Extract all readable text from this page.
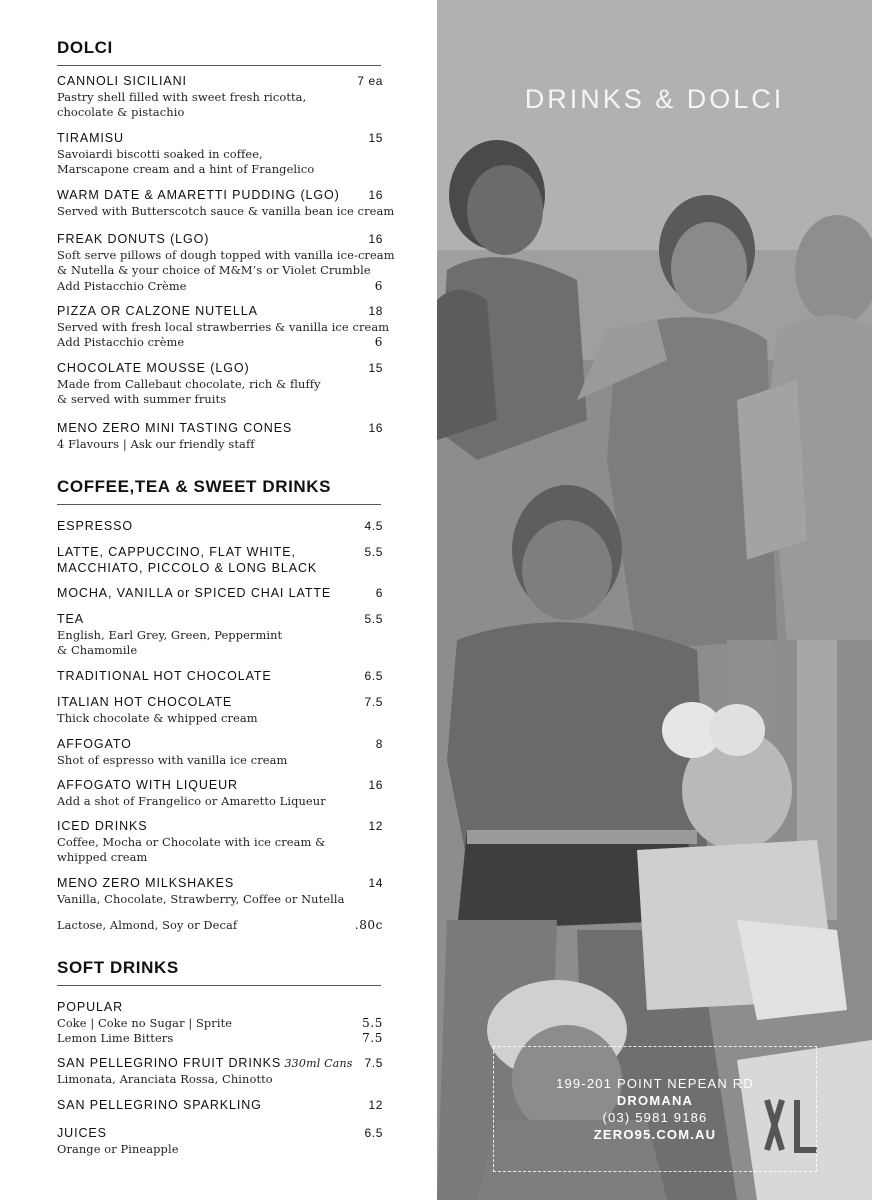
DOLCI
CANNOLI SICILIANI	7 ea
Pastry shell filled with sweet fresh ricotta,
chocolate & pistachio
TIRAMISU	15
Savoiardi biscotti soaked in coffee,
Marscapone cream and a hint of Frangelico
WARM DATE & AMARETTI PUDDING (LGO) 16
Served with Butterscotch sauce & vanilla bean ice cream
FREAK DONUTS (LGO)	16
Soft serve pillows of dough topped with vanilla ice-cream
& Nutella & your choice of M&M’s or Violet Crumble
Add Pistacchio Crème	6
PIZZA OR CALZONE NUTELLA	18
Served with fresh local strawberries & vanilla ice cream
Add Pistacchio crème	6
CHOCOLATE MOUSSE (LGO)	15
Made from Callebaut chocolate, rich & fluffy
& served with summer fruits
MENO ZERO MINI TASTING CONES	16
4 Flavours | Ask our friendly staff
COFFEE,TEA & SWEET DRINKS
ESPRESSO	4.5
LATTE, CAPPUCCINO, FLAT WHITE,	5.5
MACCHIATO, PICCOLO & LONG BLACK
MOCHA, VANILLA or SPICED CHAI LATTE	6
TEA	5.5
English, Earl Grey, Green, Peppermint
& Chamomile
TRADITIONAL HOT CHOCOLATE	6.5
ITALIAN HOT CHOCOLATE	7.5
Thick chocolate & whipped cream
AFFOGATO	8
Shot of espresso with vanilla ice cream
AFFOGATO WITH LIQUEUR	16
Add a shot of Frangelico or Amaretto Liqueur
ICED DRINKS	12
Coffee, Mocha or Chocolate with ice cream &
whipped cream
MENO ZERO MILKSHAKES	14
Vanilla, Chocolate, Strawberry, Coffee or Nutella
Lactose, Almond, Soy or Decaf	.80c
SOFT DRINKS
POPULAR
Coke | Coke no Sugar | Sprite	5.5
Lemon Lime Bitters	7.5
SAN PELLEGRINO FRUIT DRINKS 330ml Cans 7.5
Limonata, Aranciata Rossa, Chinotto
SAN PELLEGRINO SPARKLING	12
JUICES	6.5
Orange or Pineapple
DRINKS & DOLCI
199-201 POINT NEPEAN RD
DROMANA
(03) 5981 9186
ZERO95.COM.AU
